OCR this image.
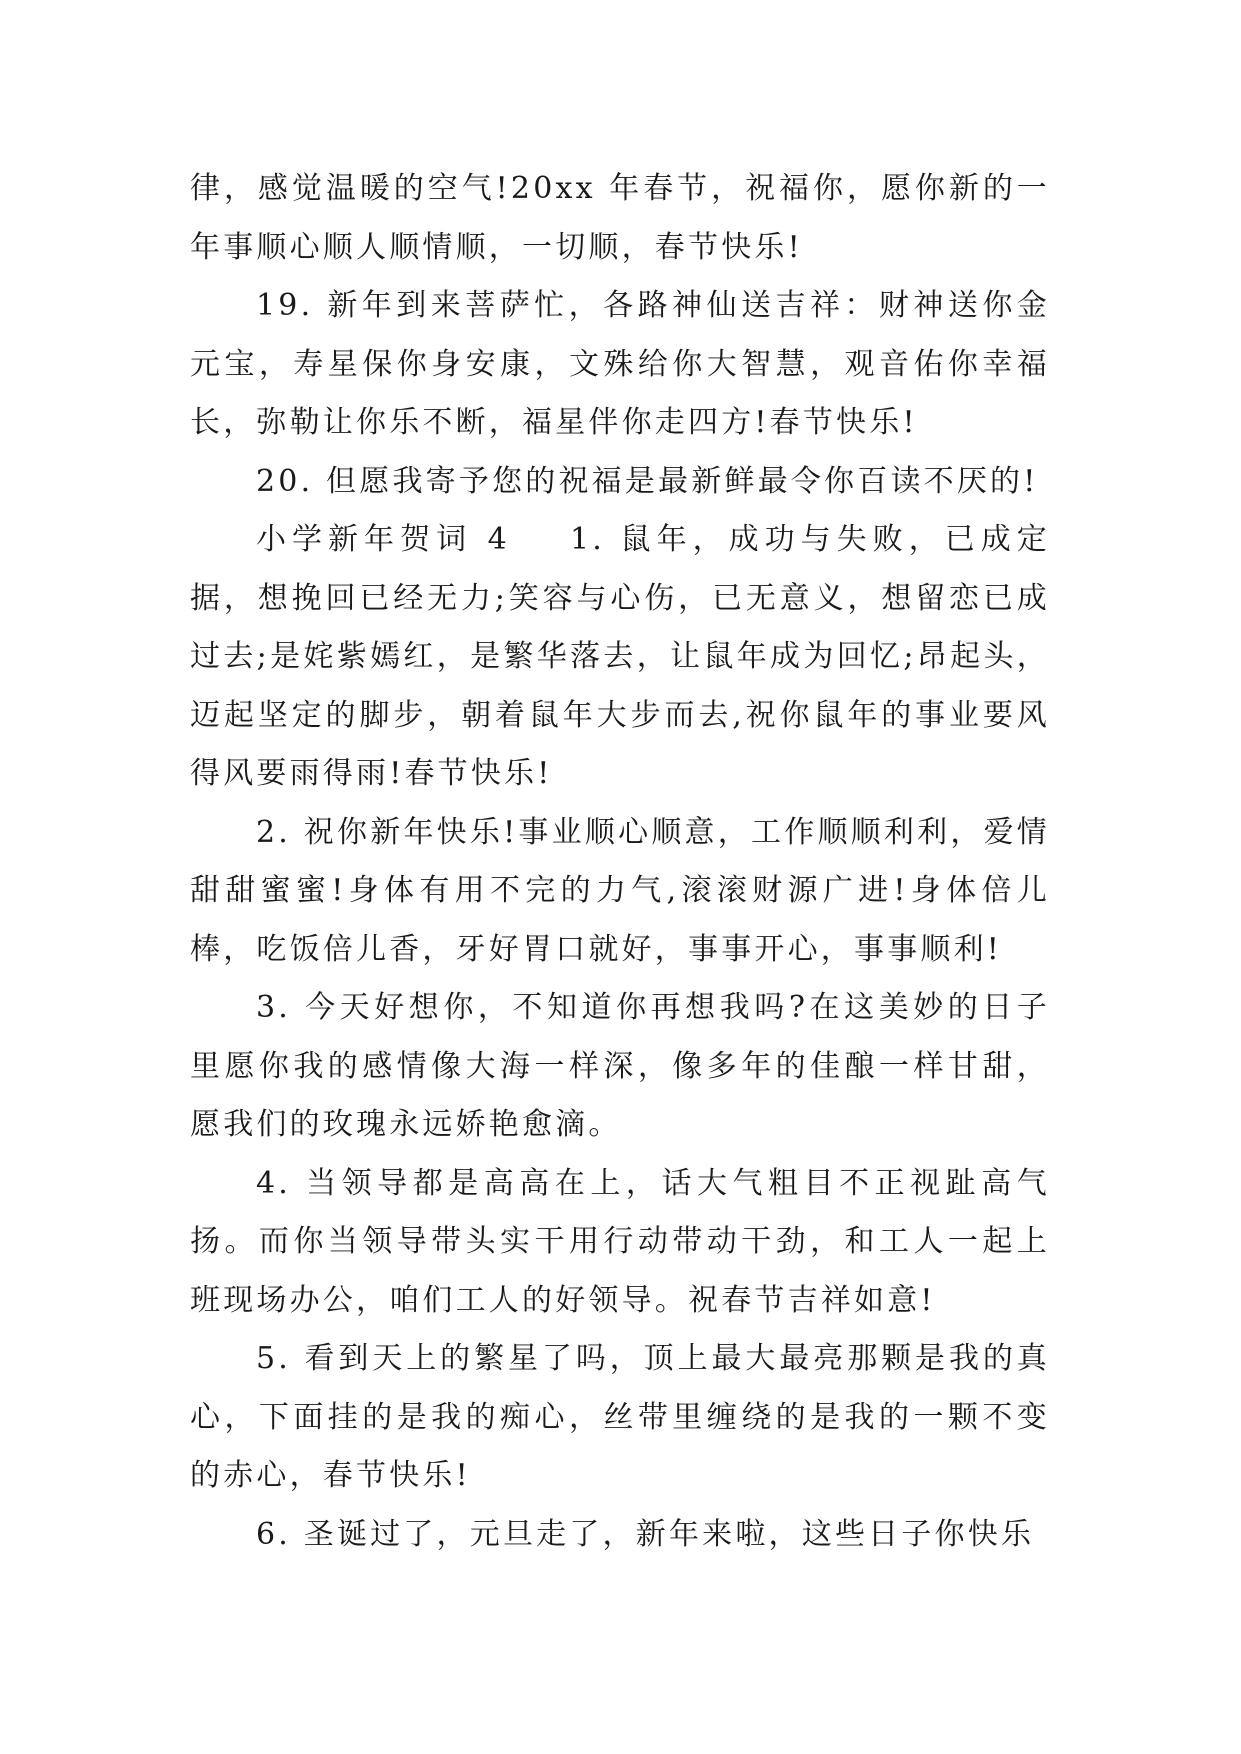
律，感觉温暖的空气!20xx 年春节，祝福你，愿你新的一年事顺心顺人顺情顺，一切顺，春节快乐!

19. 新年到来菩萨忙，各路神仙送吉祥：财神送你金元宝，寿星保你身安康，文殊给你大智慧，观音佑你幸福长，弥勒让你乐不断，福星伴你走四方!春节快乐!

20. 但愿我寄予您的祝福是最新鲜最令你百读不厌的!

小学新年贺词 4 1. 鼠年，成功与失败，已成定据，想挽回已经无力;笑容与心伤，已无意义，想留恋已成过去;是姹紫嫣红，是繁华落去，让鼠年成为回忆;昂起头，迈起坚定的脚步，朝着鼠年大步而去,祝你鼠年的事业要风得风要雨得雨!春节快乐!

2. 祝你新年快乐!事业顺心顺意，工作顺顺利利，爱情甜甜蜜蜜!身体有用不完的力气,滚滚财源广进!身体倍儿棒，吃饭倍儿香，牙好胃口就好，事事开心，事事顺利!

3. 今天好想你，不知道你再想我吗?在这美妙的日子里愿你我的感情像大海一样深，像多年的佳酿一样甘甜，愿我们的玫瑰永远娇艳愈滴。

4. 当领导都是高高在上，话大气粗目不正视趾高气扬。而你当领导带头实干用行动带动干劲，和工人一起上班现场办公，咱们工人的好领导。祝春节吉祥如意!

5. 看到天上的繁星了吗，顶上最大最亮那颗是我的真心，下面挂的是我的痴心，丝带里缠绕的是我的一颗不变的赤心，春节快乐!

6. 圣诞过了，元旦走了，新年来啦，这些日子你快乐
